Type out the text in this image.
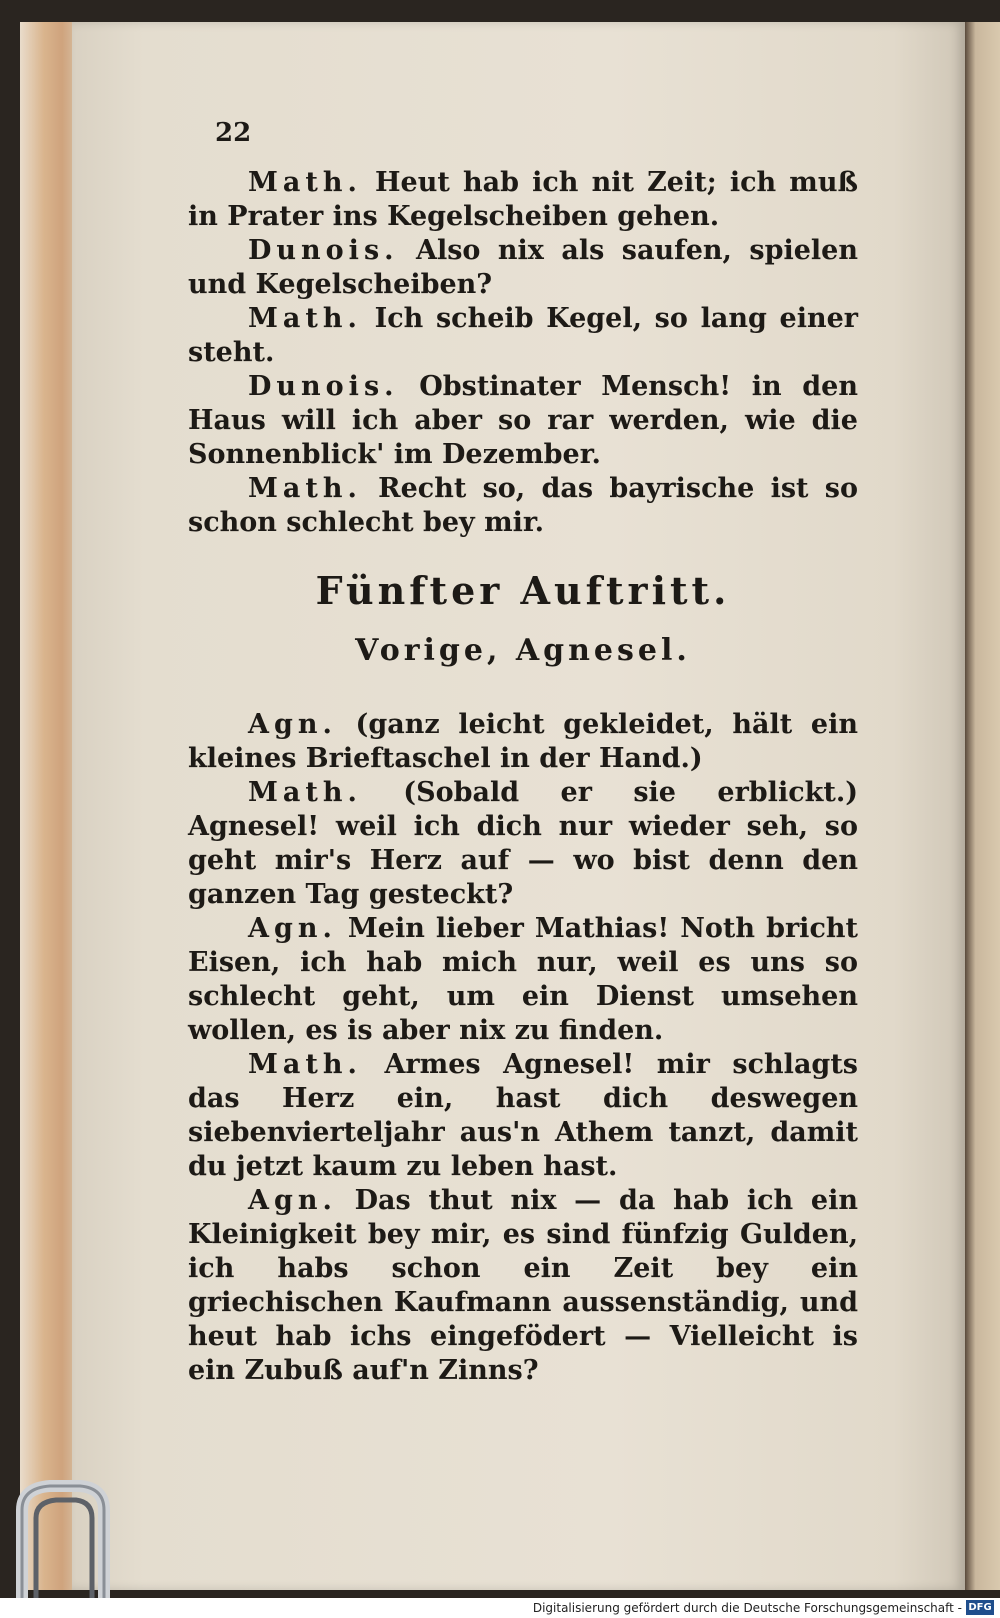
22

Math. Heut hab ich nit Zeit; ich muß in Prater ins Kegelscheiben gehen.

Dunois. Also nix als saufen, spielen und Kegelscheiben?

Math. Ich scheib Kegel, so lang einer steht.

Dunois. Obstinater Mensch! in den Haus will ich aber so rar werden, wie die Sonnenblick' im Dezember.

Math. Recht so, das bayrische ist so schon schlecht bey mir.

Fünfter Auftritt.
Vorige, Agnesel.

Agn. (ganz leicht gekleidet, hält ein kleines Brieftaschel in der Hand.)

Math. (Sobald er sie erblickt.) Agnesel! weil ich dich nur wieder seh, so geht mir's Herz auf — wo bist denn den ganzen Tag gesteckt?

Agn. Mein lieber Mathias! Noth bricht Eisen, ich hab mich nur, weil es uns so schlecht geht, um ein Dienst umsehen wollen, es is aber nix zu finden.

Math. Armes Agnesel! mir schlagts das Herz ein, hast dich deswegen siebenvierteljahr aus'n Athem tanzt, damit du jetzt kaum zu leben hast.

Agn. Das thut nix — da hab ich ein Kleinigkeit bey mir, es sind fünfzig Gulden, ich habs schon ein Zeit bey ein griechischen Kaufmann aussenständig, und heut hab ichs eingefödert — Vielleicht is ein Zubuß auf'n Zinns?

Digitalisierung gefördert durch die Deutsche Forschungsgemeinschaft - DFG
